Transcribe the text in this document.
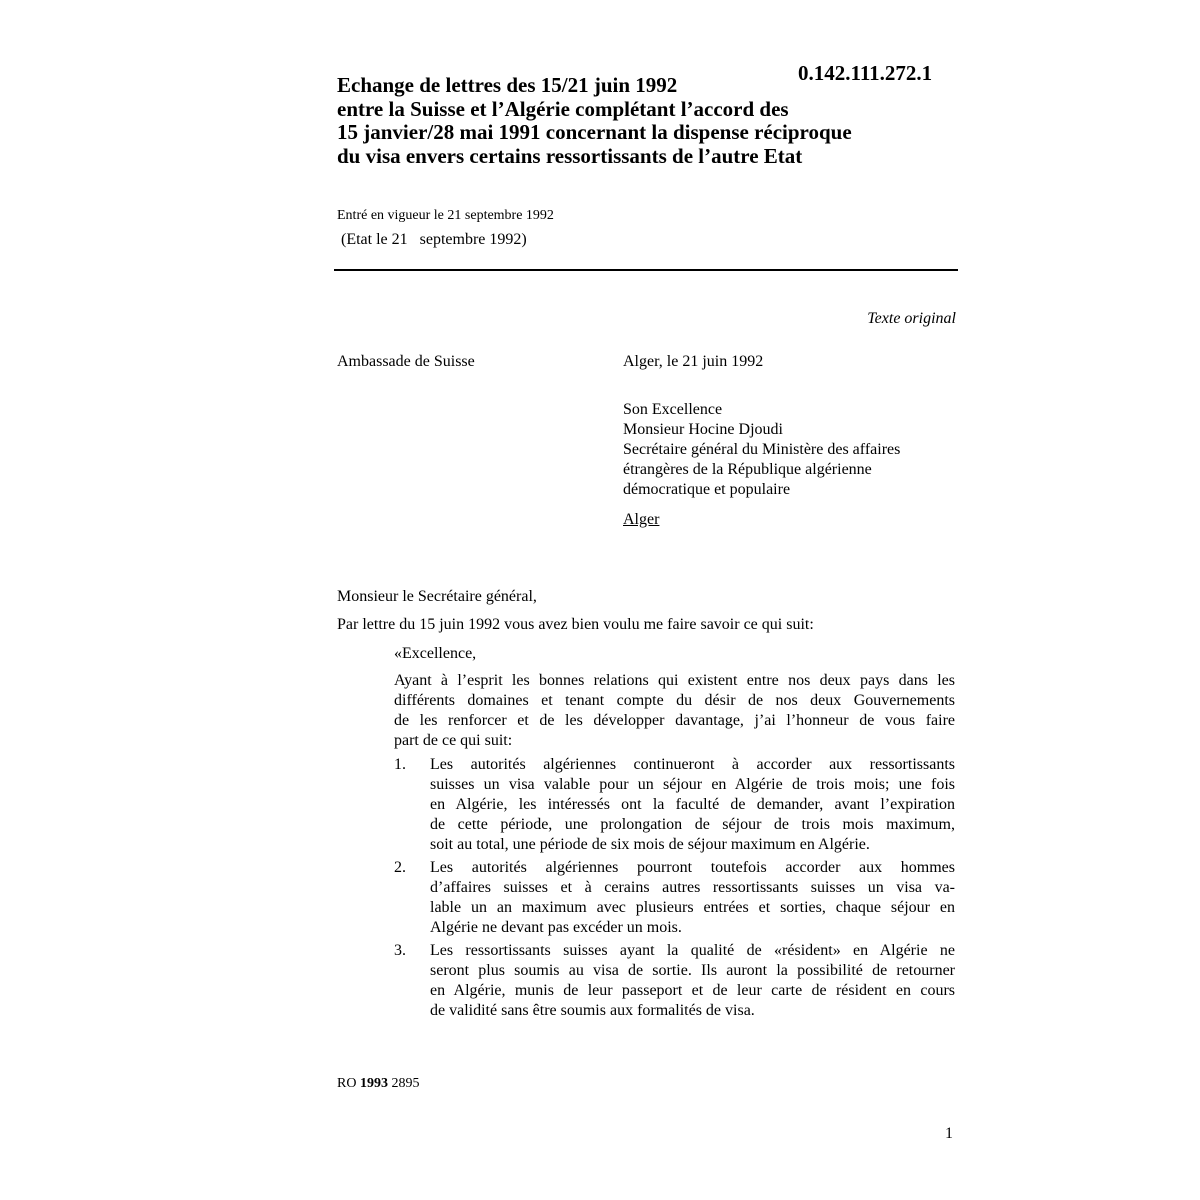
0.142.111.272.1
Echange de lettres des 15/21 juin 1992
entre la Suisse et l’Algérie complétant l’accord des
15 janvier/28 mai 1991 concernant la dispense réciproque
du visa envers certains ressortissants de l’autre Etat
Entré en vigueur le 21 septembre 1992
(Etat le 21   septembre 1992)
Texte original
Ambassade de Suisse	Alger, le 21 juin 1992
Son Excellence
Monsieur Hocine Djoudi
Secrétaire général du Ministère des affaires
étrangères de la République algérienne
démocratique et populaire
Alger
Monsieur le Secrétaire général,
Par lettre du 15 juin 1992 vous avez bien voulu me faire savoir ce qui suit:
«Excellence,
Ayant à l’esprit les bonnes relations qui existent entre nos deux pays dans les
différents domaines et tenant compte du désir de nos deux Gouvernements
de les renforcer et de les développer davantage, j’ai l’honneur de vous faire
part de ce qui suit:
1. Les autorités algériennes continueront à accorder aux ressortissants
suisses un visa valable pour un séjour en Algérie de trois mois; une fois
en Algérie, les intéressés ont la faculté de demander, avant l’expiration
de cette période, une prolongation de séjour de trois mois maximum,
soit au total, une période de six mois de séjour maximum en Algérie.
2. Les autorités algériennes pourront toutefois accorder aux hommes
d’affaires suisses et à cerains autres ressortissants suisses un visa va-
lable un an maximum avec plusieurs entrées et sorties, chaque séjour en
Algérie ne devant pas excéder un mois.
3. Les ressortissants suisses ayant la qualité de «résident» en Algérie ne
seront plus soumis au visa de sortie. Ils auront la possibilité de retourner
en Algérie, munis de leur passeport et de leur carte de résident en cours
de validité sans être soumis aux formalités de visa.
RO 1993 2895
1
